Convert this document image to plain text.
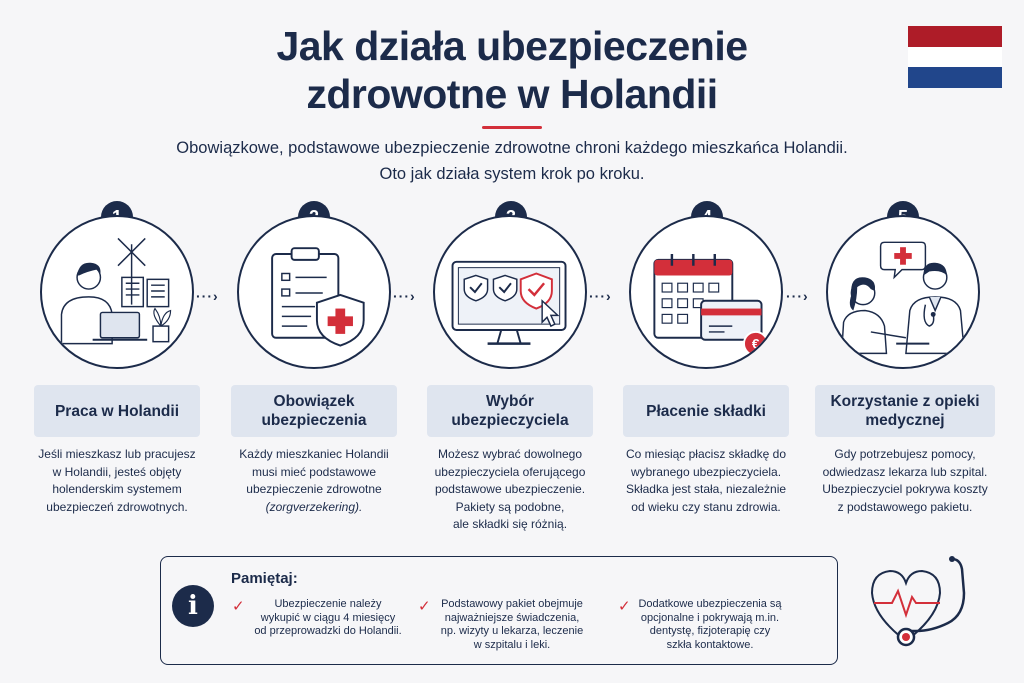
Jak działa ubezpieczenie
zdrowotne w Holandii
Obowiązkowe, podstawowe ubezpieczenie zdrowotne chroni każdego mieszkańca Holandii.
Oto jak działa system krok po kroku.
€
···›	···›	···›	···›
Praca w Holandii
Obowiązek ubezpieczenia
Wybór ubezpieczyciela
Płacenie składki
Korzystanie z opieki medycznej
Jeśli mieszkasz lub pracujesz
w Holandii, jesteś objęty
holenderskim systemem
ubezpieczeń zdrowotnych.
Każdy mieszkaniec Holandii
musi mieć podstawowe
ubezpieczenie zdrowotne
(zorgverzekering).
Możesz wybrać dowolnego
ubezpieczyciela oferującego
podstawowe ubezpieczenie.
Pakiety są podobne,
ale składki się różnią.
Co miesiąc płacisz składkę do
wybranego ubezpieczyciela.
Składka jest stała, niezależnie
od wieku czy stanu zdrowia.
Gdy potrzebujesz pomocy,
odwiedzasz lekarza lub szpital.
Ubezpieczyciel pokrywa koszty
z podstawowego pakietu.
i
Pamiętaj:
✓	Ubezpieczenie należy
wykupić w ciągu 4 miesięcy
od przeprowadzki do Holandii.
✓ Podstawowy pakiet obejmuje
najważniejsze świadczenia,
np. wizyty u lekarza, leczenie
w szpitalu i leki.
✓ Dodatkowe ubezpieczenia są
opcjonalne i pokrywają m.in.
dentystę, fizjoterapię czy
szkła kontaktowe.
